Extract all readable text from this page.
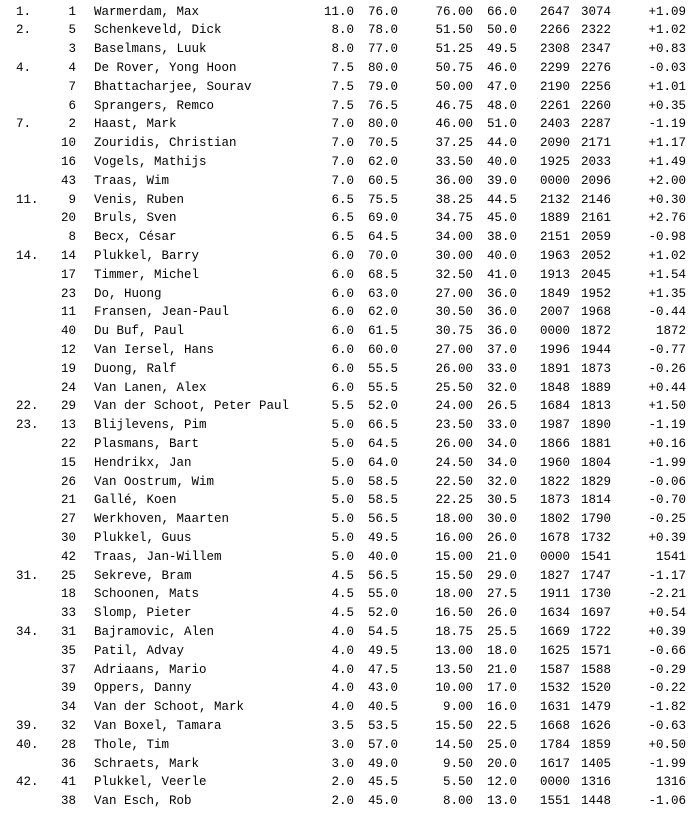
1.	1 Warmerdam, Max	11.0	76.0	76.00	66.0	2647 3074	+1.09
2.	5 Schenkeveld, Dick	8.0	78.0	51.50	50.0	2266 2322	+1.02
3 Baselmans, Luuk	8.0	77.0	51.25	49.5	2308 2347	+0.83
4.	4 De Rover, Yong Hoon	7.5	80.0	50.75	46.0	2299 2276	-0.03
7 Bhattacharjee, Sourav	7.5	79.0	50.00	47.0	2190 2256	+1.01
6 Sprangers, Remco	7.5	76.5	46.75	48.0	2261 2260	+0.35
7.	2 Haast, Mark	7.0	80.0	46.00	51.0	2403 2287	-1.19
10 Zouridis, Christian	7.0	70.5	37.25	44.0	2090 2171	+1.17
16 Vogels, Mathijs	7.0	62.0	33.50	40.0	1925 2033	+1.49
43 Traas, Wim	7.0	60.5	36.00	39.0	0000 2096	+2.00
11.	9 Venis, Ruben	6.5	75.5	38.25	44.5	2132 2146	+0.30
20 Bruls, Sven	6.5	69.0	34.75	45.0	1889 2161	+2.76
8 Becx, César	6.5	64.5	34.00	38.0	2151 2059	-0.98
14.	14 Plukkel, Barry	6.0	70.0	30.00	40.0	1963 2052	+1.02
17 Timmer, Michel	6.0	68.5	32.50	41.0	1913 2045	+1.54
23 Do, Huong	6.0	63.0	27.00	36.0	1849 1952	+1.35
11 Fransen, Jean-Paul	6.0	62.0	30.50	36.0	2007 1968	-0.44
40 Du Buf, Paul	6.0	61.5	30.75	36.0	0000 1872	1872
12 Van Iersel, Hans	6.0	60.0	27.00	37.0	1996 1944	-0.77
19 Duong, Ralf	6.0	55.5	26.00	33.0	1891 1873	-0.26
24 Van Lanen, Alex	6.0	55.5	25.50	32.0	1848 1889	+0.44
22.	29 Van der Schoot, Peter Paul	5.5	52.0	24.00	26.5	1684 1813	+1.50
23.	13 Blijlevens, Pim	5.0	66.5	23.50	33.0	1987 1890	-1.19
22 Plasmans, Bart	5.0	64.5	26.00	34.0	1866 1881	+0.16
15 Hendrikx, Jan	5.0	64.0	24.50	34.0	1960 1804	-1.99
26 Van Oostrum, Wim	5.0	58.5	22.50	32.0	1822 1829	-0.06
21 Gallé, Koen	5.0	58.5	22.25	30.5	1873 1814	-0.70
27 Werkhoven, Maarten	5.0	56.5	18.00	30.0	1802 1790	-0.25
30 Plukkel, Guus	5.0	49.5	16.00	26.0	1678 1732	+0.39
42 Traas, Jan-Willem	5.0	40.0	15.00	21.0	0000 1541	1541
31.	25 Sekreve, Bram	4.5	56.5	15.50	29.0	1827 1747	-1.17
18 Schoonen, Mats	4.5	55.0	18.00	27.5	1911 1730	-2.21
33 Slomp, Pieter	4.5	52.0	16.50	26.0	1634 1697	+0.54
34.	31 Bajramovic, Alen	4.0	54.5	18.75	25.5	1669 1722	+0.39
35 Patil, Advay	4.0	49.5	13.00	18.0	1625 1571	-0.66
37 Adriaans, Mario	4.0	47.5	13.50	21.0	1587 1588	-0.29
39 Oppers, Danny	4.0	43.0	10.00	17.0	1532 1520	-0.22
34 Van der Schoot, Mark	4.0	40.5	9.00	16.0	1631 1479	-1.82
39.	32 Van Boxel, Tamara	3.5	53.5	15.50	22.5	1668 1626	-0.63
40.	28 Thole, Tim	3.0	57.0	14.50	25.0	1784 1859	+0.50
36 Schraets, Mark	3.0	49.0	9.50	20.0	1617 1405	-1.99
42.	41 Plukkel, Veerle	2.0	45.5	5.50	12.0	0000 1316	1316
38 Van Esch, Rob	2.0	45.0	8.00	13.0	1551 1448	-1.06
